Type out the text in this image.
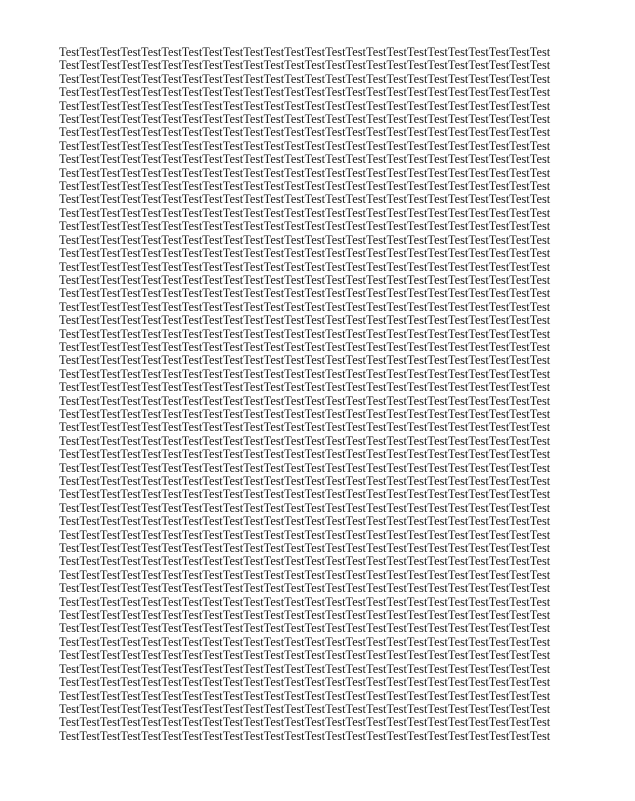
TestTestTestTestTestTestTestTestTestTestTestTestTestTestTestTestTestTestTestTestTestTestTestTest
TestTestTestTestTestTestTestTestTestTestTestTestTestTestTestTestTestTestTestTestTestTestTestTest
TestTestTestTestTestTestTestTestTestTestTestTestTestTestTestTestTestTestTestTestTestTestTestTest
TestTestTestTestTestTestTestTestTestTestTestTestTestTestTestTestTestTestTestTestTestTestTestTest
TestTestTestTestTestTestTestTestTestTestTestTestTestTestTestTestTestTestTestTestTestTestTestTest
TestTestTestTestTestTestTestTestTestTestTestTestTestTestTestTestTestTestTestTestTestTestTestTest
TestTestTestTestTestTestTestTestTestTestTestTestTestTestTestTestTestTestTestTestTestTestTestTest
TestTestTestTestTestTestTestTestTestTestTestTestTestTestTestTestTestTestTestTestTestTestTestTest
TestTestTestTestTestTestTestTestTestTestTestTestTestTestTestTestTestTestTestTestTestTestTestTest
TestTestTestTestTestTestTestTestTestTestTestTestTestTestTestTestTestTestTestTestTestTestTestTest
TestTestTestTestTestTestTestTestTestTestTestTestTestTestTestTestTestTestTestTestTestTestTestTest
TestTestTestTestTestTestTestTestTestTestTestTestTestTestTestTestTestTestTestTestTestTestTestTest
TestTestTestTestTestTestTestTestTestTestTestTestTestTestTestTestTestTestTestTestTestTestTestTest
TestTestTestTestTestTestTestTestTestTestTestTestTestTestTestTestTestTestTestTestTestTestTestTest
TestTestTestTestTestTestTestTestTestTestTestTestTestTestTestTestTestTestTestTestTestTestTestTest
TestTestTestTestTestTestTestTestTestTestTestTestTestTestTestTestTestTestTestTestTestTestTestTest
TestTestTestTestTestTestTestTestTestTestTestTestTestTestTestTestTestTestTestTestTestTestTestTest
TestTestTestTestTestTestTestTestTestTestTestTestTestTestTestTestTestTestTestTestTestTestTestTest
TestTestTestTestTestTestTestTestTestTestTestTestTestTestTestTestTestTestTestTestTestTestTestTest
TestTestTestTestTestTestTestTestTestTestTestTestTestTestTestTestTestTestTestTestTestTestTestTest
TestTestTestTestTestTestTestTestTestTestTestTestTestTestTestTestTestTestTestTestTestTestTestTest
TestTestTestTestTestTestTestTestTestTestTestTestTestTestTestTestTestTestTestTestTestTestTestTest
TestTestTestTestTestTestTestTestTestTestTestTestTestTestTestTestTestTestTestTestTestTestTestTest
TestTestTestTestTestTestTestTestTestTestTestTestTestTestTestTestTestTestTestTestTestTestTestTest
TestTestTestTestTestTestTestTestTestTestTestTestTestTestTestTestTestTestTestTestTestTestTestTest
TestTestTestTestTestTestTestTestTestTestTestTestTestTestTestTestTestTestTestTestTestTestTestTest
TestTestTestTestTestTestTestTestTestTestTestTestTestTestTestTestTestTestTestTestTestTestTestTest
TestTestTestTestTestTestTestTestTestTestTestTestTestTestTestTestTestTestTestTestTestTestTestTest
TestTestTestTestTestTestTestTestTestTestTestTestTestTestTestTestTestTestTestTestTestTestTestTest
TestTestTestTestTestTestTestTestTestTestTestTestTestTestTestTestTestTestTestTestTestTestTestTest
TestTestTestTestTestTestTestTestTestTestTestTestTestTestTestTestTestTestTestTestTestTestTestTest
TestTestTestTestTestTestTestTestTestTestTestTestTestTestTestTestTestTestTestTestTestTestTestTest
TestTestTestTestTestTestTestTestTestTestTestTestTestTestTestTestTestTestTestTestTestTestTestTest
TestTestTestTestTestTestTestTestTestTestTestTestTestTestTestTestTestTestTestTestTestTestTestTest
TestTestTestTestTestTestTestTestTestTestTestTestTestTestTestTestTestTestTestTestTestTestTestTest
TestTestTestTestTestTestTestTestTestTestTestTestTestTestTestTestTestTestTestTestTestTestTestTest
TestTestTestTestTestTestTestTestTestTestTestTestTestTestTestTestTestTestTestTestTestTestTestTest
TestTestTestTestTestTestTestTestTestTestTestTestTestTestTestTestTestTestTestTestTestTestTestTest
TestTestTestTestTestTestTestTestTestTestTestTestTestTestTestTestTestTestTestTestTestTestTestTest
TestTestTestTestTestTestTestTestTestTestTestTestTestTestTestTestTestTestTestTestTestTestTestTest
TestTestTestTestTestTestTestTestTestTestTestTestTestTestTestTestTestTestTestTestTestTestTestTest
TestTestTestTestTestTestTestTestTestTestTestTestTestTestTestTestTestTestTestTestTestTestTestTest
TestTestTestTestTestTestTestTestTestTestTestTestTestTestTestTestTestTestTestTestTestTestTestTest
TestTestTestTestTestTestTestTestTestTestTestTestTestTestTestTestTestTestTestTestTestTestTestTest
TestTestTestTestTestTestTestTestTestTestTestTestTestTestTestTestTestTestTestTestTestTestTestTest
TestTestTestTestTestTestTestTestTestTestTestTestTestTestTestTestTestTestTestTestTestTestTestTest
TestTestTestTestTestTestTestTestTestTestTestTestTestTestTestTestTestTestTestTestTestTestTestTest
TestTestTestTestTestTestTestTestTestTestTestTestTestTestTestTestTestTestTestTestTestTestTestTest
TestTestTestTestTestTestTestTestTestTestTestTestTestTestTestTestTestTestTestTestTestTestTestTest
TestTestTestTestTestTestTestTestTestTestTestTestTestTestTestTestTestTestTestTestTestTestTestTest
TestTestTestTestTestTestTestTestTestTestTestTestTestTestTestTestTestTestTestTestTestTestTestTest
TestTestTestTestTestTestTestTestTestTestTestTestTestTestTestTestTestTestTestTestTestTestTestTest
